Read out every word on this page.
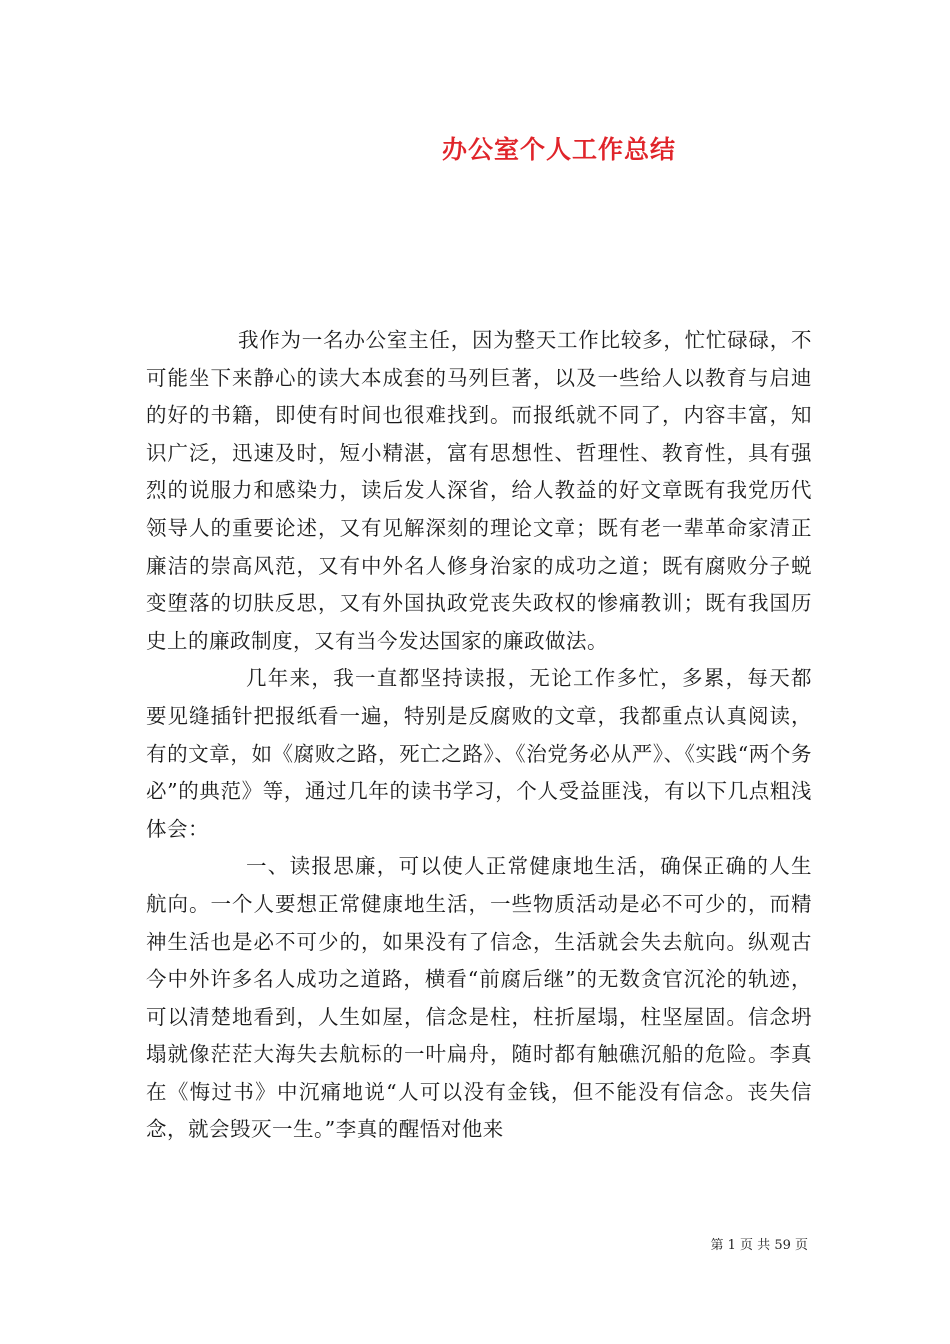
办公室个人工作总结

我作为一名办公室主任，因为整天工作比较多，忙忙碌碌，不可能坐下来静心的读大本成套的马列巨著，以及一些给人以教育与启迪的好的书籍，即使有时间也很难找到。而报纸就不同了，内容丰富，知识广泛，迅速及时，短小精湛，富有思想性、哲理性、教育性，具有强烈的说服力和感染力，读后发人深省，给人教益的好文章既有我党历代领导人的重要论述，又有见解深刻的理论文章；既有老一辈革命家清正廉洁的崇高风范，又有中外名人修身治家的成功之道；既有腐败分子蜕变堕落的切肤反思，又有外国执政党丧失政权的惨痛教训；既有我国历史上的廉政制度，又有当今发达国家的廉政做法。

几年来，我一直都坚持读报，无论工作多忙，多累，每天都要见缝插针把报纸看一遍，特别是反腐败的文章，我都重点认真阅读，有的文章，如《腐败之路，死亡之路》、《治党务必从严》、《实践“两个务必”的典范》等，通过几年的读书学习，个人受益匪浅，有以下几点粗浅体会：

一、读报思廉，可以使人正常健康地生活，确保正确的人生航向。一个人要想正常健康地生活，一些物质活动是必不可少的，而精神生活也是必不可少的，如果没有了信念，生活就会失去航向。纵观古今中外许多名人成功之道路，横看“前腐后继”的无数贪官沉沦的轨迹，可以清楚地看到，人生如屋，信念是柱，柱折屋塌，柱坚屋固。信念坍塌就像茫茫大海失去航标的一叶扁舟，随时都有触礁沉船的危险。李真在《悔过书》中沉痛地说“人可以没有金钱，但不能没有信念。丧失信念，就会毁灭一生。”李真的醒悟对他来

第 1 页 共 59 页
